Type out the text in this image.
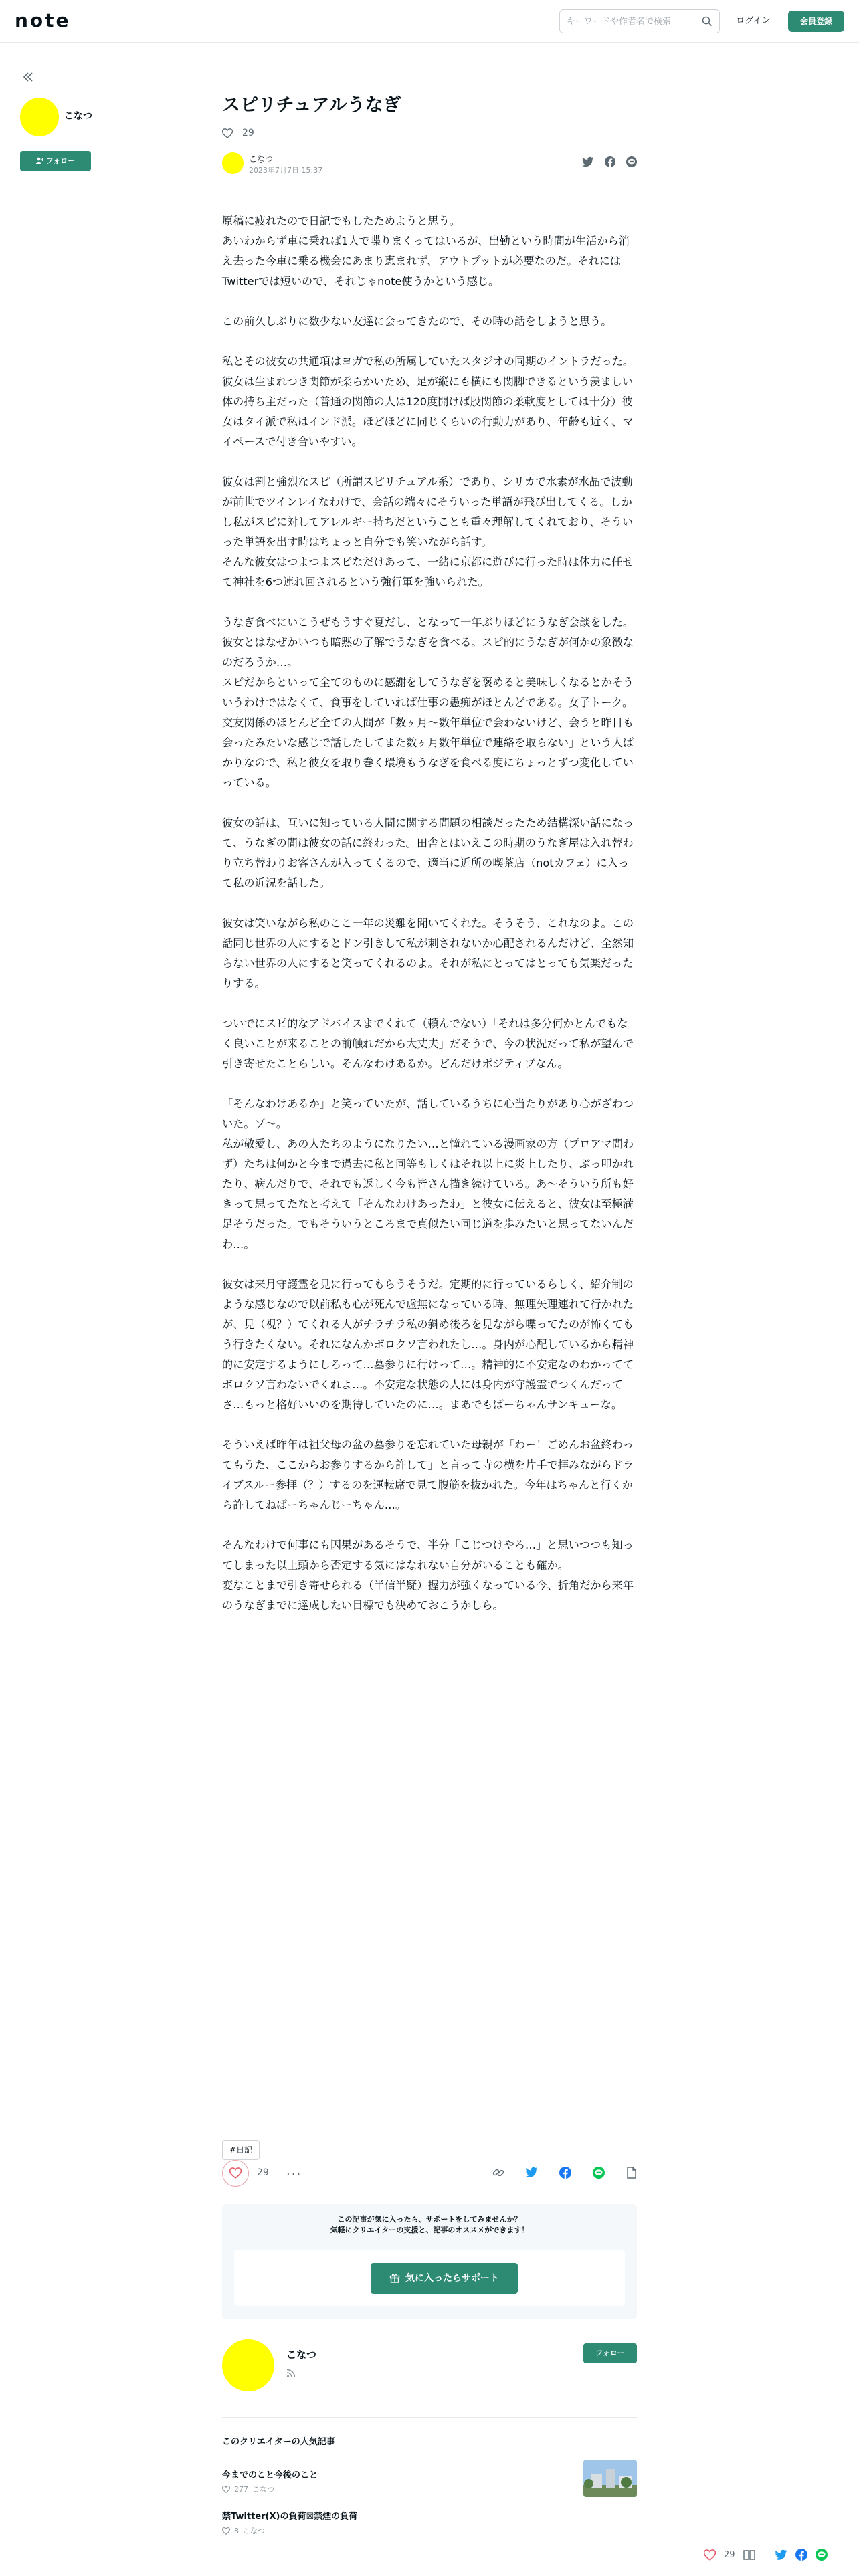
note
キーワードや作者名で検索	ログイン	会員登録
こなつ
フォロー
スピリチュアルうなぎ
29
こなつ
2023年7月7日 15:37

原稿に疲れたので日記でもしたためようと思う。
あいわからず車に乗れば1人で喋りまくってはいるが、出勤という時間が生活から消え去った今車に乗る機会にあまり恵まれず、アウトプットが必要なのだ。それにはTwitterでは短いので、それじゃnote使うかという感じ。

この前久しぶりに数少ない友達に会ってきたので、その時の話をしようと思う。

私とその彼女の共通項はヨガで私の所属していたスタジオの同期のイントラだった。彼女は生まれつき関節が柔らかいため、足が縦にも横にも関脚できるという羨ましい体の持ち主だった（普通の関節の人は120度開けば股関節の柔軟度としては十分）彼女はタイ派で私はインド派。ほどほどに同じくらいの行動力があり、年齢も近く、マイペースで付き合いやすい。

彼女は割と強烈なスピ（所謂スピリチュアル系）であり、シリカで水素が水晶で波動が前世でツインレイなわけで、会話の端々にそういった単語が飛び出してくる。しかし私がスピに対してアレルギー持ちだということも重々理解してくれており、そういった単語を出す時はちょっと自分でも笑いながら話す。
そんな彼女はつよつよスピなだけあって、一緒に京都に遊びに行った時は体力に任せて神社を6つ連れ回されるという強行軍を強いられた。

うなぎ食べにいこうぜもうすぐ夏だし、となって一年ぶりほどにうなぎ会談をした。彼女とはなぜかいつも暗黙の了解でうなぎを食べる。スピ的にうなぎが何かの象徴なのだろうか…。
スピだからといって全てのものに感謝をしてうなぎを褒めると美味しくなるとかそういうわけではなくて、食事をしていれば仕事の愚痴がほとんどである。女子トーク。
交友関係のほとんど全ての人間が「数ヶ月〜数年単位で会わないけど、会うと昨日も会ったみたいな感じで話したしてまた数ヶ月数年単位で連絡を取らない」という人ばかりなので、私と彼女を取り巻く環境もうなぎを食べる度にちょっとずつ変化していっている。

彼女の話は、互いに知っている人間に関する問題の相談だったため結構深い話になって、うなぎの間は彼女の話に終わった。田舎とはいえこの時期のうなぎ屋は入れ替わり立ち替わりお客さんが入ってくるので、適当に近所の喫茶店（notカフェ）に入って私の近況を話した。

彼女は笑いながら私のここ一年の災難を聞いてくれた。そうそう、これなのよ。この話同じ世界の人にするとドン引きして私が刺されないか心配されるんだけど、全然知らない世界の人にすると笑ってくれるのよ。それが私にとってはとっても気楽だったりする。

ついでにスピ的なアドバイスまでくれて（頼んでない）「それは多分何かとんでもなく良いことが来ることの前触れだから大丈夫」だそうで、今の状況だって私が望んで引き寄せたことらしい。そんなわけあるか。どんだけポジティブなん。

「そんなわけあるか」と笑っていたが、話しているうちに心当たりがあり心がざわついた。ゾ〜。
私が敬愛し、あの人たちのようになりたい…と憧れている漫画家の方（プロアマ問わず）たちは何かと今まで過去に私と同等もしくはそれ以上に炎上したり、ぶっ叩かれたり、病んだりで、それでも返しく今も皆さん描き続けている。あ〜そういう所も好きって思ってたなと考えて「そんなわけあったわ」と彼女に伝えると、彼女は至極満足そうだった。でもそういうところまで真似たい同じ道を歩みたいと思ってないんだわ…。

彼女は来月守護霊を見に行ってもらうそうだ。定期的に行っているらしく、紹介制のような感じなので以前私も心が死んで虚無になっている時、無理矢理連れて行かれたが、見（視？）てくれる人がチラチラ私の斜め後ろを見ながら喋ってたのが怖くてもう行きたくない。それになんかボロクソ言われたし…。身内が心配しているから精神的に安定するようにしろって…墓参りに行けって…。精神的に不安定なのわかってて ボロクソ言わないでくれよ…。不安定な状態の人には身内が守護霊でつくんだってさ…もっと格好いいのを期待していたのに…。まあでもばーちゃんサンキューな。

そういえば昨年は祖父母の盆の墓参りを忘れていた母親が「わー！ごめんお盆終わってもうた、ここからお参りするから許して」と言って寺の横を片手で拝みながらドライブスルー参拝（？）するのを運転席で見て腹筋を抜かれた。今年はちゃんと行くから許してねばーちゃんじーちゃん…。

そんなわけで何事にも因果があるそうで、半分「こじつけやろ…」と思いつつも知ってしまった以上頭から否定する気にはなれない自分がいることも確か。
変なことまで引き寄せられる（半信半疑）握力が強くなっている今、折角だから来年のうなぎまでに達成したい目標でも決めておこうかしら。

#日記
29 ···
この記事が気に入ったら、サポートをしてみませんか？
気軽にクリエイターの支援と、記事のオススメができます！
気に入ったらサポート
こなつ	フォロー
このクリエイターの人気記事
今までのこと今後のこと
277 こなつ
禁Twitter(X)の負荷☒禁煙の負荷
8 こなつ
29
